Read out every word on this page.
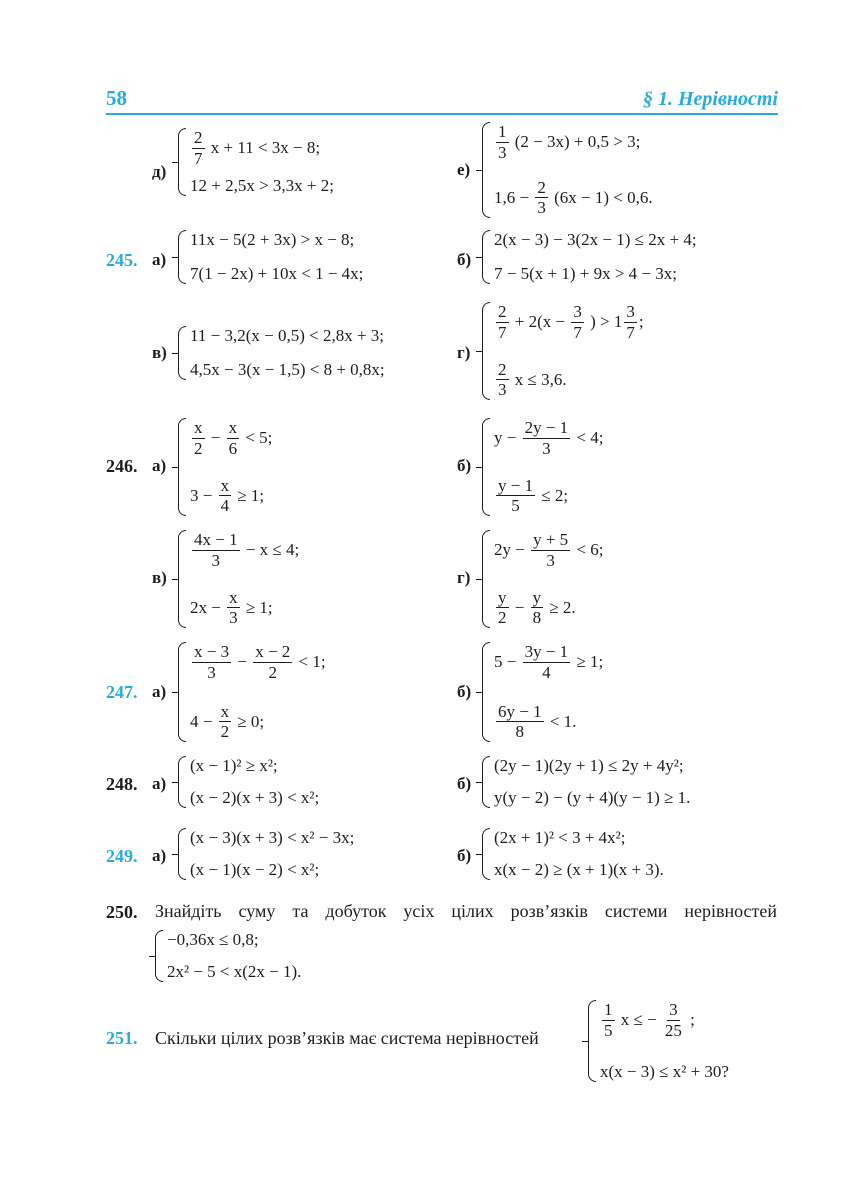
58	§ 1. Нерівності
д)
$\frac{2}{7}$ x + 11 < 3x − 8;
12 + 2,5x > 3,3x + 2;
е)
$\frac{1}{3} (2 - 3x) + 0,5 > 3$;
$1,6 - \frac{2}{3} (6x - 1) < 0,6$.
245. а)
11x − 5(2 + 3x) > x − 8;
7(1 − 2x) + 10x < 1 − 4x;
б)
2(x − 3) − 3(2x − 1) ≤ 2x + 4;
7 − 5(x + 1) + 9x > 4 − 3x;
в)
11 − 3,2(x − 0,5) < 2,8x + 3;
4,5x − 3(x − 1,5) < 8 + 0,8x;
г)
$\frac{2}{7} + 2(x - \frac{3}{7}$ ) > $1 \frac{3}{7}$ ;
$\frac{2}{3}$ x ≤ 3,6.
246. а)
$\frac{x}{2} - \frac{x}{6} < 5$;
$3 - \frac{x}{4} \ge 1$;
б)
$y - \frac{2y - 1}{3} < 4$;
$\frac{y - 1}{5} \le 2$;
в)
$\frac{4x - 1}{3} - x \le 4$;
$2x - \frac{x}{3} \ge 1$;
г)
$2y - \frac{y + 5}{3} < 6$;
$\frac{y}{2} - \frac{y}{8} \ge 2$.
247. а)
$\frac{x - 3}{3} - \frac{x - 2}{2} < 1$;
$4 - \frac{x}{2} \ge 0$;
б)
$5 - \frac{3y - 1}{4} \ge 1$;
$\frac{6y - 1}{8} < 1$.
248. а)
(x − 1)² ≥ x²;
(x − 2)(x + 3) < x²;
б)
(2y − 1)(2y + 1) ≤ 2y + 4y²;
y(y − 2) − (y + 4)(y − 1) ≥ 1.
249. а)
(x − 3)(x + 3) < x² − 3x;
(x − 1)(x − 2) < x²;
б)
(2x + 1)² < 3 + 4x²;
x(x − 2) ≥ (x + 1)(x + 3).
250. Знайдіть суму та добуток усіх цілих розв’язків системи нерівностей
−0,36x ≤ 0,8;
2x² − 5 < x(2x − 1).
251. Скільки цілих розв’язків має система нерівностей	$\frac{1}{5}$ x ≤ − $\frac{3}{25}$ ;
x(x − 3) ≤ x² + 30?
